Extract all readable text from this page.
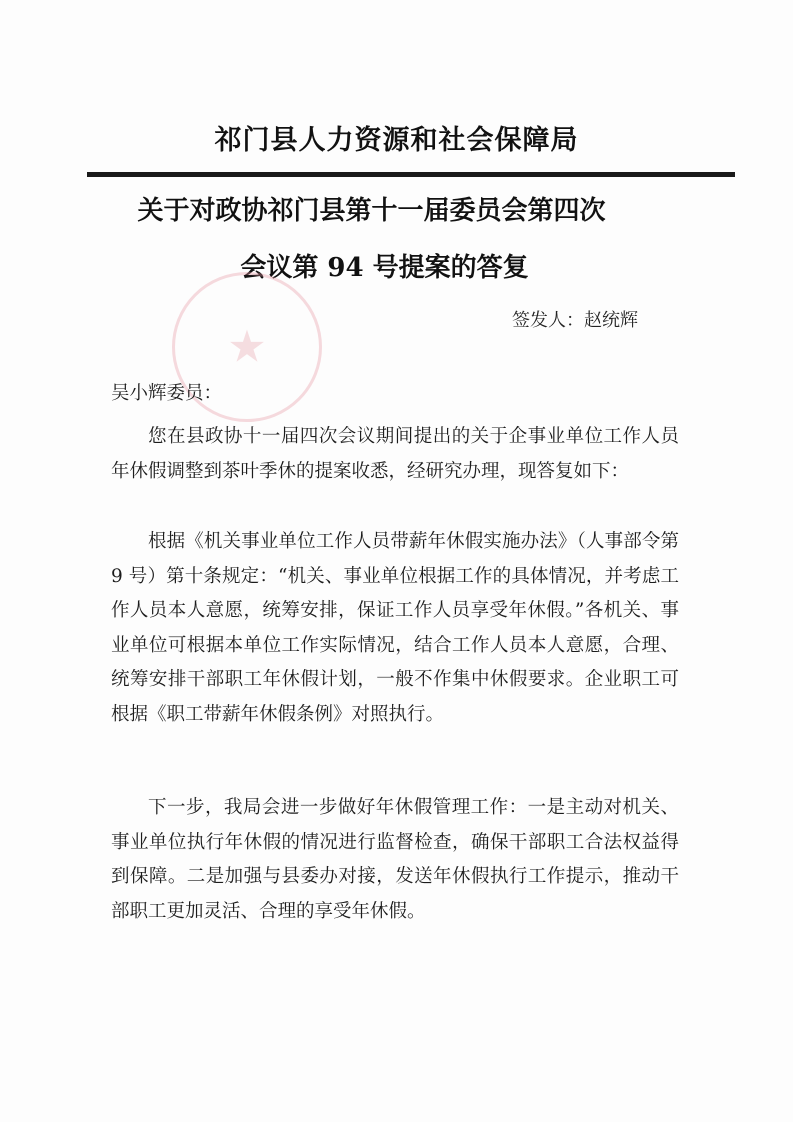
祁门县人力资源和社会保障局
关于对政协祁门县第十一届委员会第四次
会议第 94 号提案的答复
★
签发人：赵统辉
吴小辉委员：
您在县政协十一届四次会议期间提出的关于企事业单位工作人员年休假调整到茶叶季休的提案收悉，经研究办理，现答复如下：
根据《机关事业单位工作人员带薪年休假实施办法》（人事部令第 9 号）第十条规定：“机关、事业单位根据工作的具体情况，并考虑工作人员本人意愿，统筹安排，保证工作人员享受年休假。”各机关、事业单位可根据本单位工作实际情况，结合工作人员本人意愿，合理、统筹安排干部职工年休假计划，一般不作集中休假要求。企业职工可根据《职工带薪年休假条例》对照执行。
下一步，我局会进一步做好年休假管理工作：一是主动对机关、事业单位执行年休假的情况进行监督检查，确保干部职工合法权益得到保障。二是加强与县委办对接，发送年休假执行工作提示，推动干部职工更加灵活、合理的享受年休假。
